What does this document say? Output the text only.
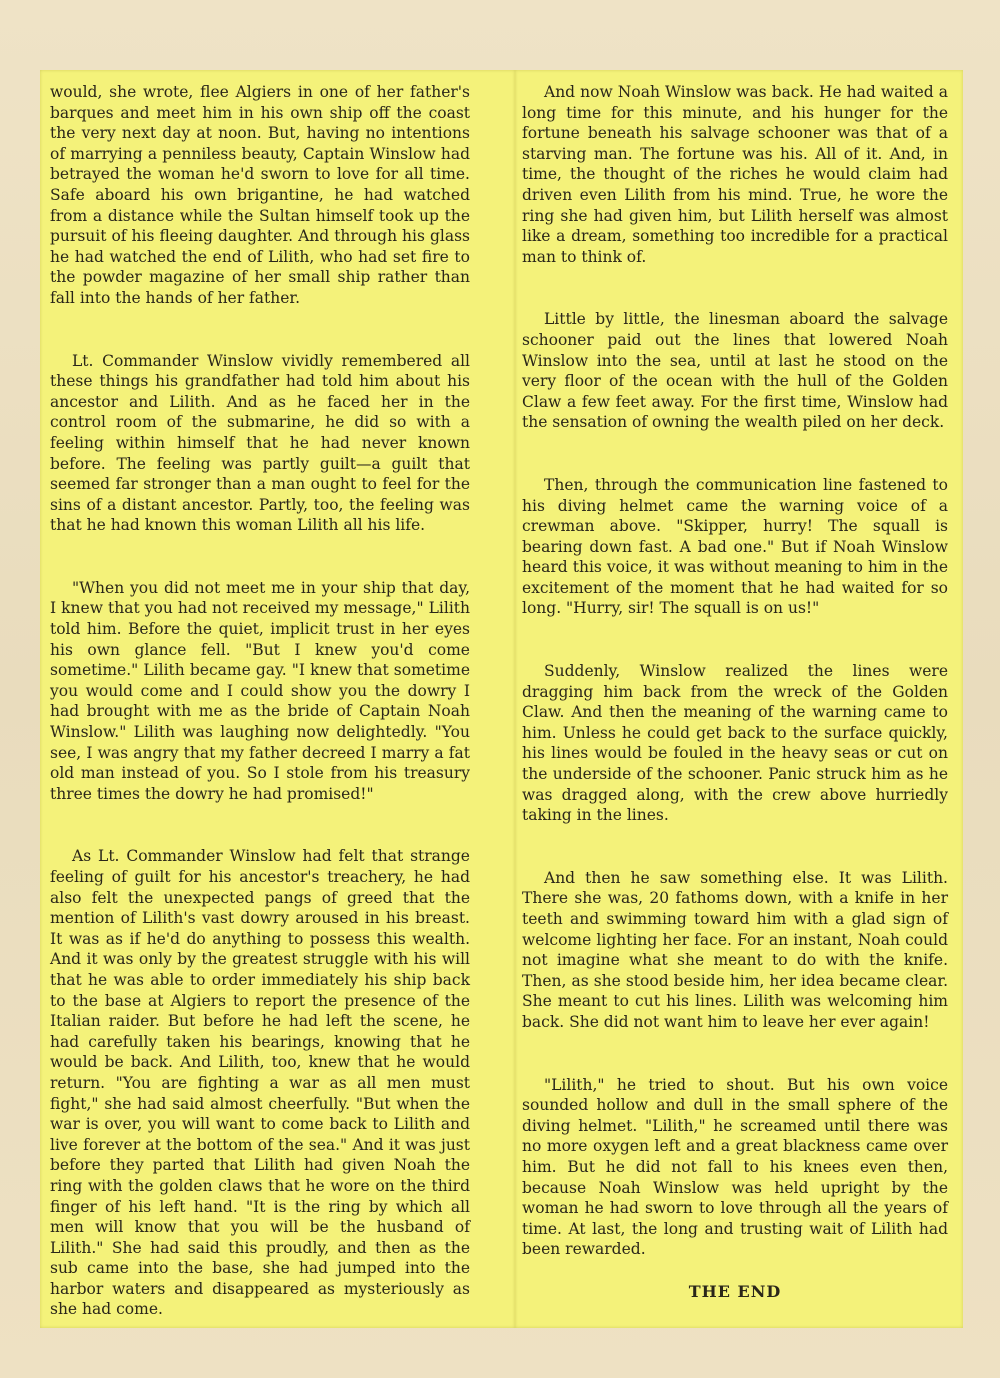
would, she wrote, flee Algiers in one of her father's barques and meet him in his own ship off the coast the very next day at noon. But, having no intentions of marrying a penniless beauty, Captain Winslow had betrayed the woman he'd sworn to love for all time. Safe aboard his own brigantine, he had watched from a distance while the Sultan himself took up the pursuit of his fleeing daughter. And through his glass he had watched the end of Lilith, who had set fire to the powder magazine of her small ship rather than fall into the hands of her father.

Lt. Commander Winslow vividly remembered all these things his grandfather had told him about his ancestor and Lilith. And as he faced her in the control room of the submarine, he did so with a feeling within himself that he had never known before. The feeling was partly guilt—a guilt that seemed far stronger than a man ought to feel for the sins of a distant ancestor. Partly, too, the feeling was that he had known this woman Lilith all his life.

"When you did not meet me in your ship that day, I knew that you had not received my message," Lilith told him. Before the quiet, implicit trust in her eyes his own glance fell. "But I knew you'd come sometime." Lilith became gay. "I knew that sometime you would come and I could show you the dowry I had brought with me as the bride of Captain Noah Winslow." Lilith was laughing now delightedly. "You see, I was angry that my father decreed I marry a fat old man instead of you. So I stole from his treasury three times the dowry he had promised!"

As Lt. Commander Winslow had felt that strange feeling of guilt for his ancestor's treachery, he had also felt the unexpected pangs of greed that the mention of Lilith's vast dowry aroused in his breast. It was as if he'd do anything to possess this wealth. And it was only by the greatest struggle with his will that he was able to order immediately his ship back to the base at Algiers to report the presence of the Italian raider. But before he had left the scene, he had carefully taken his bearings, knowing that he would be back. And Lilith, too, knew that he would return. "You are fighting a war as all men must fight," she had said almost cheerfully. "But when the war is over, you will want to come back to Lilith and live forever at the bottom of the sea." And it was just before they parted that Lilith had given Noah the ring with the golden claws that he wore on the third finger of his left hand. "It is the ring by which all men will know that you will be the husband of Lilith." She had said this proudly, and then as the sub came into the base, she had jumped into the harbor waters and disappeared as mysteriously as she had come.

And now Noah Winslow was back. He had waited a long time for this minute, and his hunger for the fortune beneath his salvage schooner was that of a starving man. The fortune was his. All of it. And, in time, the thought of the riches he would claim had driven even Lilith from his mind. True, he wore the ring she had given him, but Lilith herself was almost like a dream, something too incredible for a practical man to think of.

Little by little, the linesman aboard the salvage schooner paid out the lines that lowered Noah Winslow into the sea, until at last he stood on the very floor of the ocean with the hull of the Golden Claw a few feet away. For the first time, Winslow had the sensation of owning the wealth piled on her deck.

Then, through the communication line fastened to his diving helmet came the warning voice of a crewman above. "Skipper, hurry! The squall is bearing down fast. A bad one." But if Noah Winslow heard this voice, it was without meaning to him in the excitement of the moment that he had waited for so long. "Hurry, sir! The squall is on us!"

Suddenly, Winslow realized the lines were dragging him back from the wreck of the Golden Claw. And then the meaning of the warning came to him. Unless he could get back to the surface quickly, his lines would be fouled in the heavy seas or cut on the underside of the schooner. Panic struck him as he was dragged along, with the crew above hurriedly taking in the lines.

And then he saw something else. It was Lilith. There she was, 20 fathoms down, with a knife in her teeth and swimming toward him with a glad sign of welcome lighting her face. For an instant, Noah could not imagine what she meant to do with the knife. Then, as she stood beside him, her idea became clear. She meant to cut his lines. Lilith was welcoming him back. She did not want him to leave her ever again!

"Lilith," he tried to shout. But his own voice sounded hollow and dull in the small sphere of the diving helmet. "Lilith," he screamed until there was no more oxygen left and a great blackness came over him. But he did not fall to his knees even then, because Noah Winslow was held upright by the woman he had sworn to love through all the years of time. At last, the long and trusting wait of Lilith had been rewarded.

THE END
